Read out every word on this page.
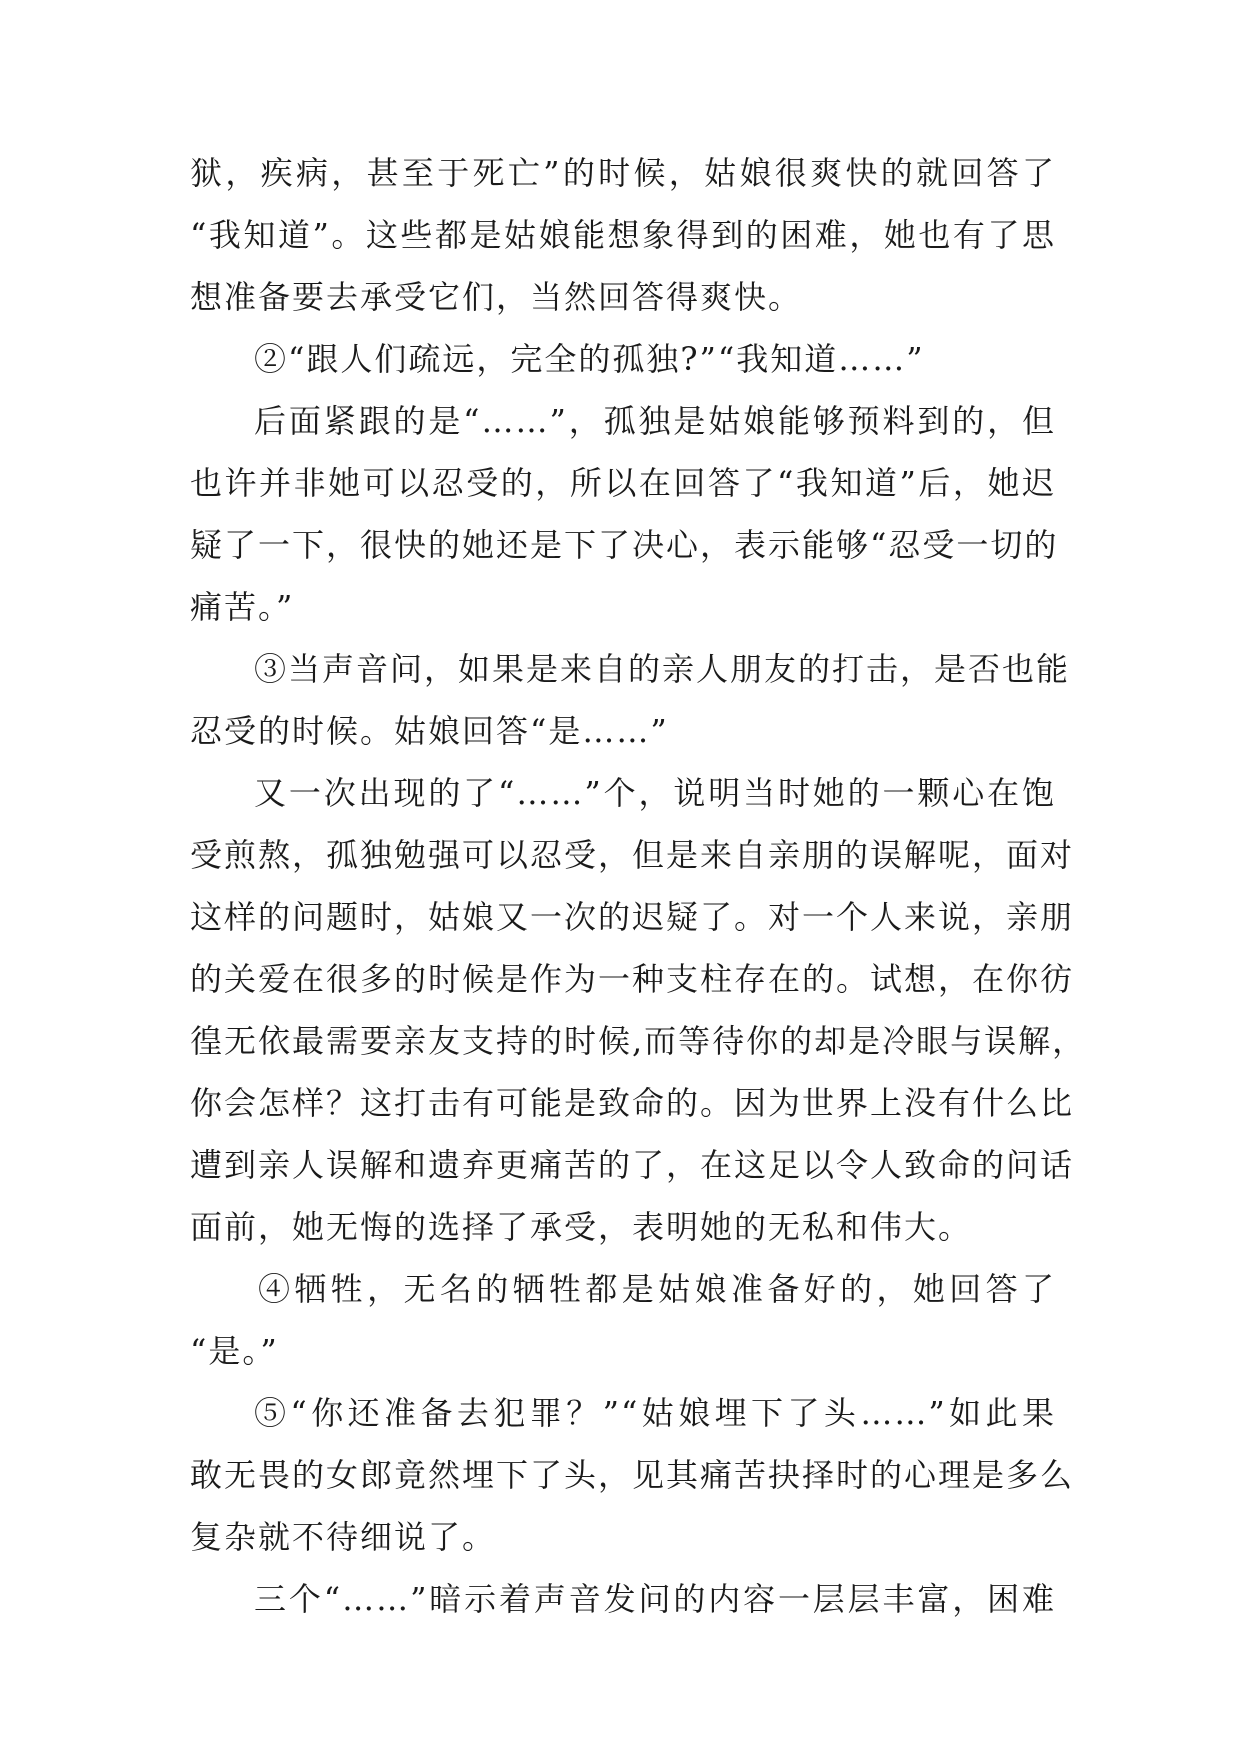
狱，疾病，甚至于死亡”的时候，姑娘很爽快的就回答了
“我知道”。这些都是姑娘能想象得到的困难，她也有了思
想准备要去承受它们，当然回答得爽快。
②“跟人们疏远，完全的孤独?”“我知道……”
后面紧跟的是“……”，孤独是姑娘能够预料到的，但
也许并非她可以忍受的，所以在回答了“我知道”后，她迟
疑了一下，很快的她还是下了决心，表示能够“忍受一切的
痛苦。”
③当声音问，如果是来自的亲人朋友的打击，是否也能
忍受的时候。姑娘回答“是……”
又一次出现的了“……”个，说明当时她的一颗心在饱
受煎熬，孤独勉强可以忍受，但是来自亲朋的误解呢，面对
这样的问题时，姑娘又一次的迟疑了。对一个人来说，亲朋
的关爱在很多的时候是作为一种支柱存在的。试想，在你彷
徨无依最需要亲友支持的时候,而等待你的却是冷眼与误解，
你会怎样？这打击有可能是致命的。因为世界上没有什么比
遭到亲人误解和遗弃更痛苦的了，在这足以令人致命的问话
面前，她无悔的选择了承受，表明她的无私和伟大。
④牺牲，无名的牺牲都是姑娘准备好的，她回答了
“是。”
⑤“你还准备去犯罪？”“姑娘埋下了头……”如此果
敢无畏的女郎竟然埋下了头，见其痛苦抉择时的心理是多么
复杂就不待细说了。
三个“……”暗示着声音发问的内容一层层丰富，困难
